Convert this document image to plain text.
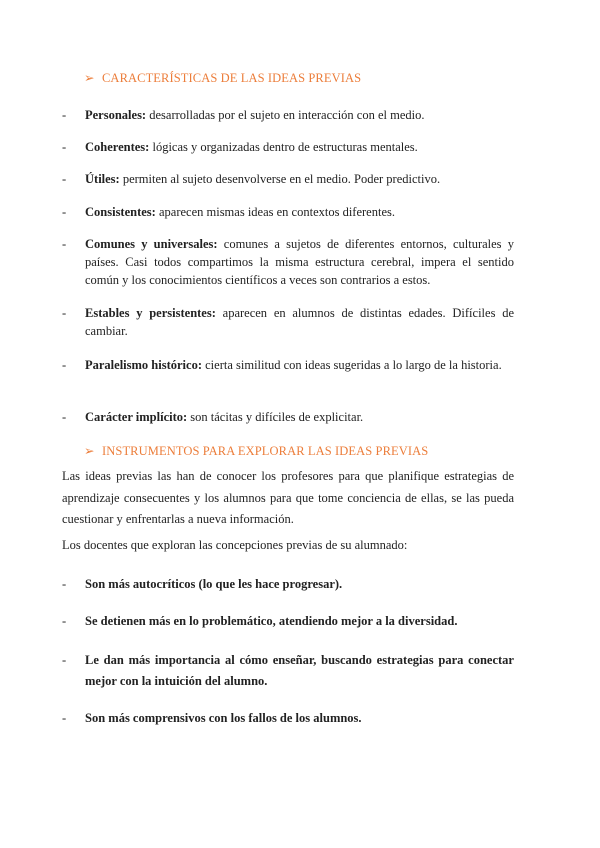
➢ CARACTERÍSTICAS DE LAS IDEAS PREVIAS
- Personales: desarrolladas por el sujeto en interacción con el medio.
- Coherentes: lógicas y organizadas dentro de estructuras mentales.
- Útiles: permiten al sujeto desenvolverse en el medio. Poder predictivo.
- Consistentes: aparecen mismas ideas en contextos diferentes.
- Comunes y universales: comunes a sujetos de diferentes entornos, culturales y países. Casi todos compartimos la misma estructura cerebral, impera el sentido común y los conocimientos científicos a veces son contrarios a estos.
- Estables y persistentes: aparecen en alumnos de distintas edades. Difíciles de cambiar.
- Paralelismo histórico: cierta similitud con ideas sugeridas a lo largo de la historia.
- Carácter implícito: son tácitas y difíciles de explicitar.
➢ INSTRUMENTOS PARA EXPLORAR LAS IDEAS PREVIAS
Las ideas previas las han de conocer los profesores para que planifique estrategias de aprendizaje consecuentes y los alumnos para que tome conciencia de ellas, se las pueda cuestionar y enfrentarlas a nueva información.
Los docentes que exploran las concepciones previas de su alumnado:
- Son más autocríticos (lo que les hace progresar).
- Se detienen más en lo problemático, atendiendo mejor a la diversidad.
- Le dan más importancia al cómo enseñar, buscando estrategias para conectar mejor con la intuición del alumno.
- Son más comprensivos con los fallos de los alumnos.
